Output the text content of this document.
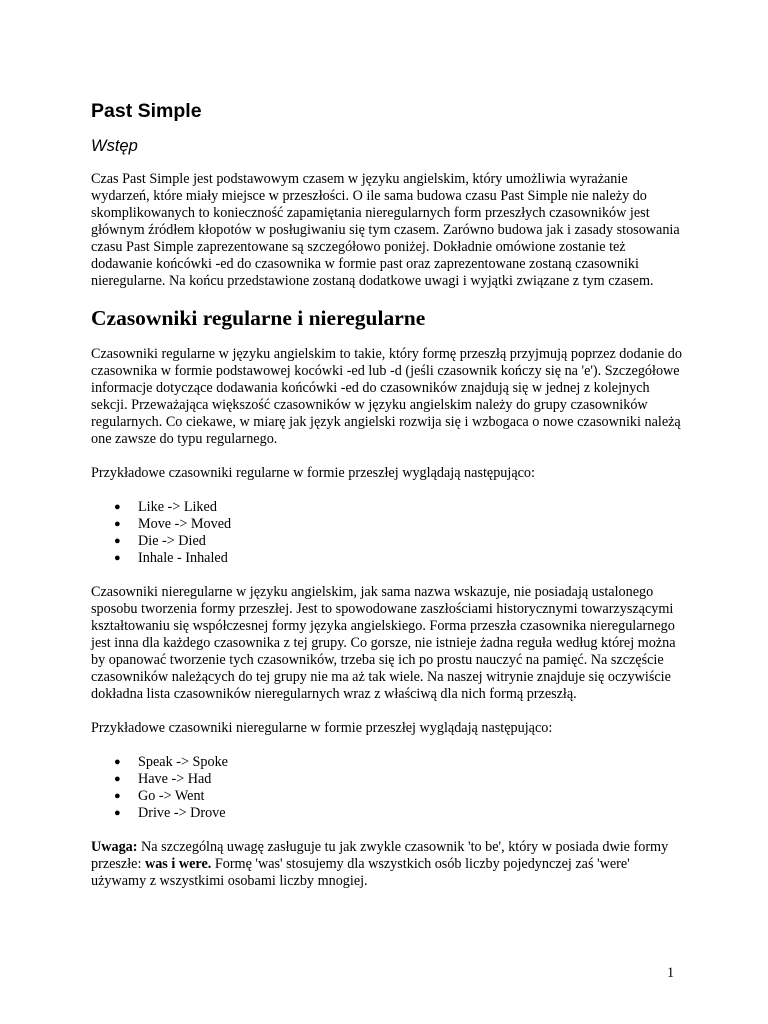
Past Simple
Wstęp

Czas Past Simple jest podstawowym czasem w języku angielskim, który umożliwia wyrażanie wydarzeń, które miały miejsce w przeszłości. O ile sama budowa czasu Past Simple nie należy do skomplikowanych to konieczność zapamiętania nieregularnych form przeszłych czasowników jest głównym źródłem kłopotów w posługiwaniu się tym czasem. Zarówno budowa jak i zasady stosowania czasu Past Simple zaprezentowane są szczegółowo poniżej. Dokładnie omówione zostanie też dodawanie końcówki -ed do czasownika w formie past oraz zaprezentowane zostaną czasowniki nieregularne. Na końcu przedstawione zostaną dodatkowe uwagi i wyjątki związane z tym czasem.

Czasowniki regularne i nieregularne

Czasowniki regularne w języku angielskim to takie, który formę przeszłą przyjmują poprzez dodanie do czasownika w formie podstawowej kocówki -ed lub -d (jeśli czasownik kończy się na 'e'). Szczegółowe informacje dotyczące dodawania końcówki -ed do czasowników znajdują się w jednej z kolejnych sekcji. Przeważająca większość czasowników w języku angielskim należy do grupy czasowników regularnych. Co ciekawe, w miarę jak język angielski rozwija się i wzbogaca o nowe czasowniki należą one zawsze do typu regularnego.

Przykładowe czasowniki regularne w formie przeszłej wyglądają następująco:

● Like -> Liked
● Move -> Moved
● Die -> Died
● Inhale - Inhaled

Czasowniki nieregularne w języku angielskim, jak sama nazwa wskazuje, nie posiadają ustalonego sposobu tworzenia formy przeszłej. Jest to spowodowane zaszłościami historycznymi towarzyszącymi kształtowaniu się współczesnej formy języka angielskiego. Forma przeszła czasownika nieregularnego jest inna dla każdego czasownika z tej grupy. Co gorsze, nie istnieje żadna reguła według której można by opanować tworzenie tych czasowników, trzeba się ich po prostu nauczyć na pamięć. Na szczęście czasowników należących do tej grupy nie ma aż tak wiele. Na naszej witrynie znajduje się oczywiście dokładna lista czasowników nieregularnych wraz z właściwą dla nich formą przeszłą.

Przykładowe czasowniki nieregularne w formie przeszłej wyglądają następująco:

● Speak -> Spoke
● Have -> Had
● Go -> Went
● Drive -> Drove

Uwaga: Na szczególną uwagę zasługuje tu jak zwykle czasownik 'to be', który w posiada dwie formy przeszłe: was i were. Formę 'was' stosujemy dla wszystkich osób liczby pojedynczej zaś 'were' używamy z wszystkimi osobami liczby mnogiej.

1
